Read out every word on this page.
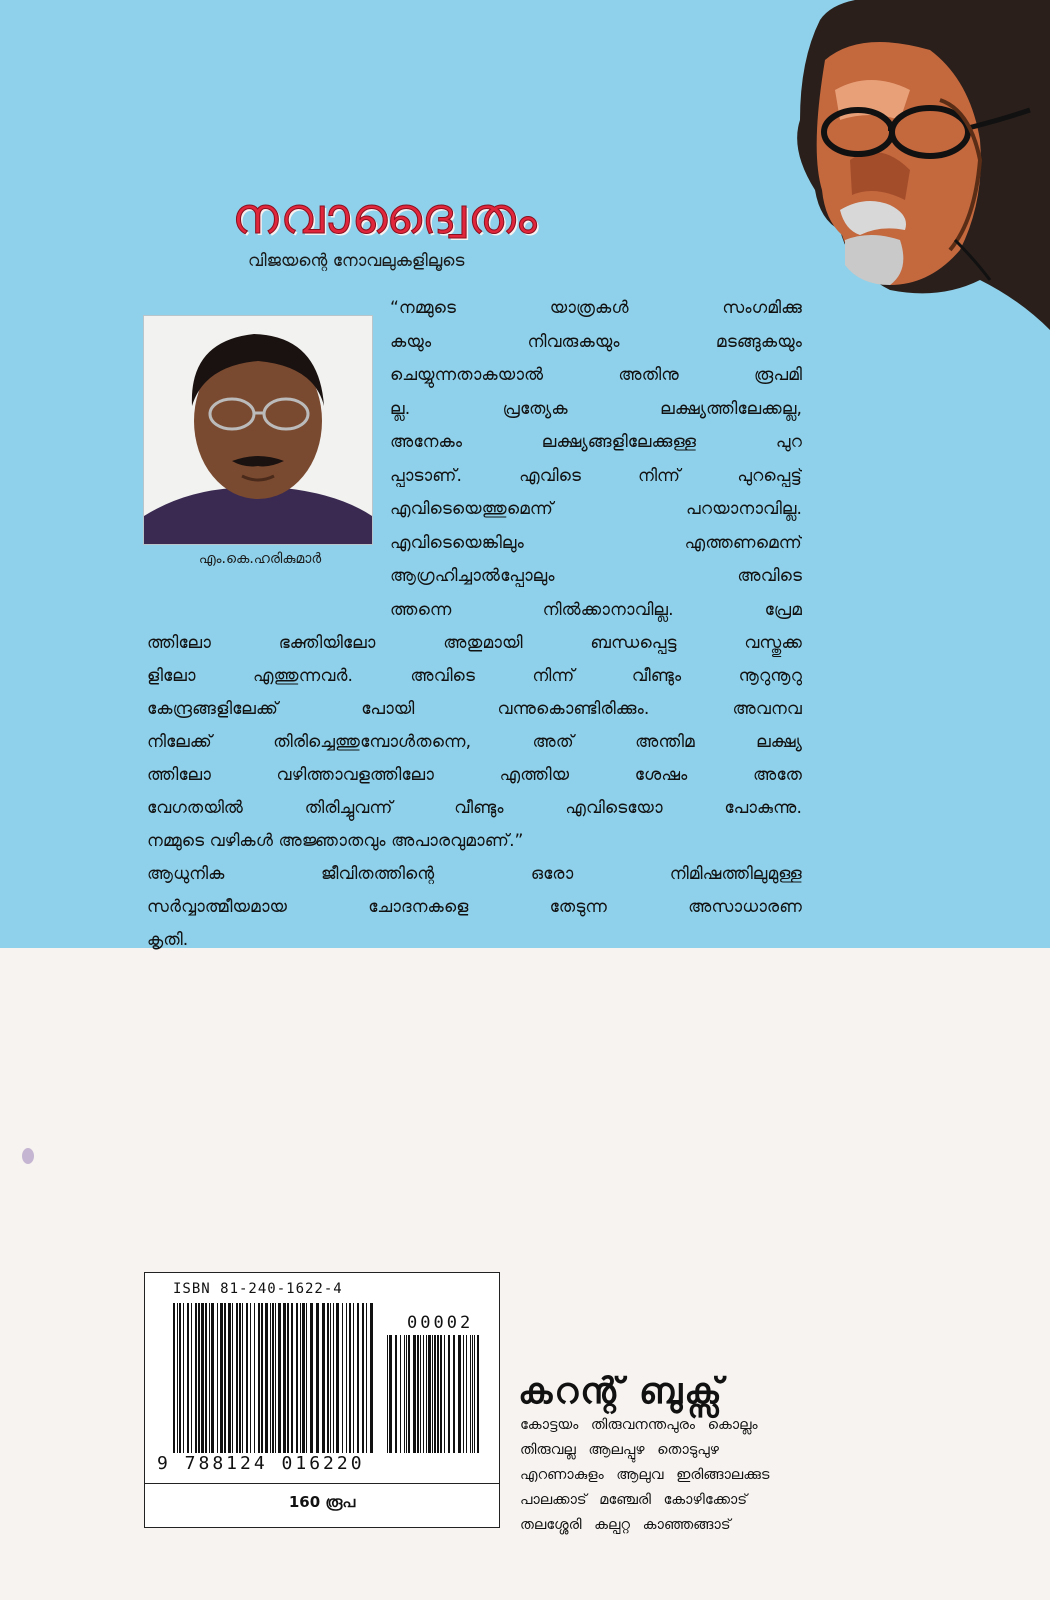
നവാദ്വൈതം
വിജയന്റെ നോവലുകളിലൂടെ
എം.കെ.ഹരികുമാർ
“നമ്മുടെ യാത്രകൾ സംഗമിക്കു
കയും നിവരുകയും മടങ്ങുകയും
ചെയ്യുന്നതാകയാൽ അതിനു രൂപമി
ല്ല. പ്രത്യേക ലക്ഷ്യത്തിലേക്കല്ല,
അനേകം ലക്ഷ്യങ്ങളിലേക്കുള്ള പുറ
പ്പാടാണ്. എവിടെ നിന്ന് പുറപ്പെട്ട്
എവിടെയെത്തുമെന്ന് പറയാനാവില്ല.
എവിടെയെങ്കിലും എത്തണമെന്ന്
ആഗ്രഹിച്ചാൽപ്പോലും അവിടെ
ത്തന്നെ നിൽക്കാനാവില്ല. പ്രേമ
ത്തിലോ ഭക്തിയിലോ അതുമായി ബന്ധപ്പെട്ട വസ്തുക്ക
ളിലോ എത്തുന്നവർ. അവിടെ നിന്ന് വീണ്ടും നൂറുനൂറു
കേന്ദ്രങ്ങളിലേക്ക് പോയി വന്നുകൊണ്ടിരിക്കും. അവനവ
നിലേക്ക് തിരിച്ചെത്തുമ്പോൾതന്നെ, അത് അന്തിമ ലക്ഷ്യ
ത്തിലോ വഴിത്താവളത്തിലോ എത്തിയ ശേഷം അതേ
വേഗതയിൽ തിരിച്ചുവന്ന് വീണ്ടും എവിടെയോ പോകുന്നു.
നമ്മുടെ വഴികൾ അജ്ഞാതവും അപാരവുമാണ്.”
ആധുനിക ജീവിതത്തിന്റെ ഒരോ നിമിഷത്തിലുമുള്ള
സർവ്വാത്മീയമായ ചോദനകളെ തേടുന്ന അസാധാരണ
കൃതി.
ISBN 81-240-1622-4
00002
9 788124 016220
160 രൂപ
കറന്റ് ബുക്സ്
കോട്ടയം തിരുവനന്തപുരം കൊല്ലം
തിരുവല്ല ആലപ്പുഴ തൊടുപുഴ
എറണാകുളം ആലുവ ഇരിങ്ങാലക്കുട
പാലക്കാട് മഞ്ചേരി കോഴിക്കോട്
തലശ്ശേരി കല്പറ്റ കാഞ്ഞങ്ങാട്
